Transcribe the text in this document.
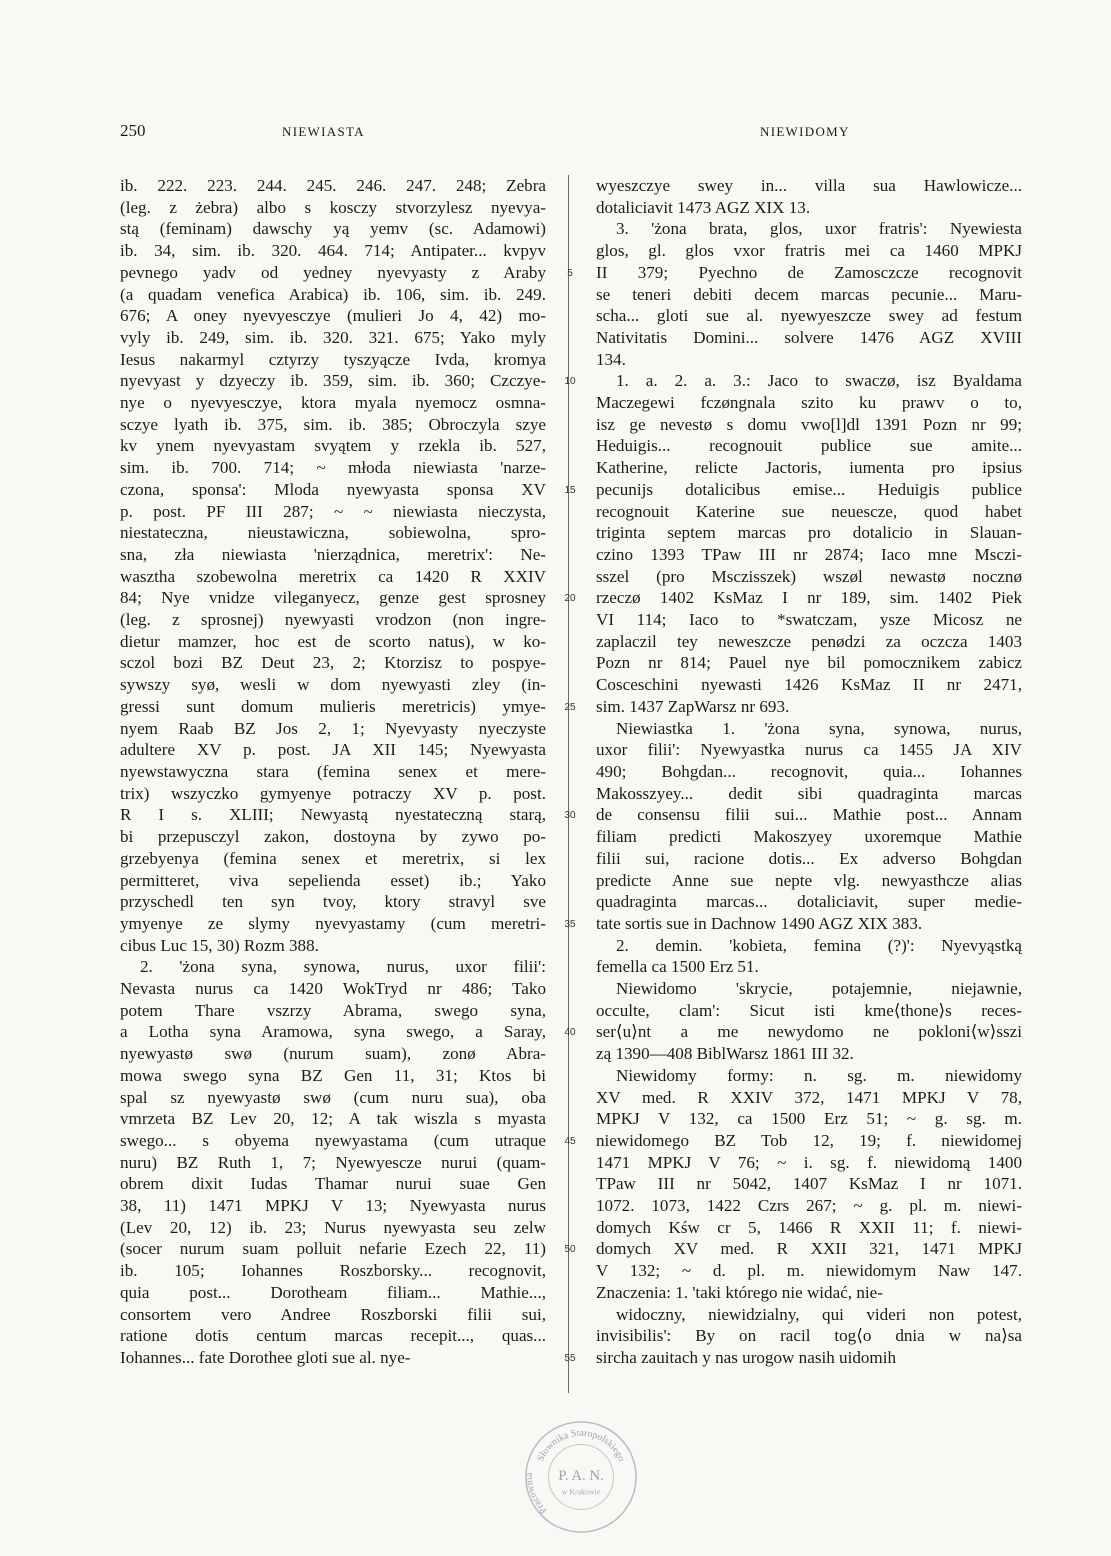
250	NIEWIASTA	NIEWIDOMY
ib. 222. 223. 244. 245. 246. 247. 248; Zebra
(leg. z żebra) albo s kosczy stvorzylesz nyevya-
stą (feminam) dawschy yą yemv (sc. Adamowi)
ib. 34, sim. ib. 320. 464. 714; Antipater... kvpyv
pevnego yadv od yedney nyevyasty z Araby
(a quadam venefica Arabica) ib. 106, sim. ib. 249.
676; A oney nyevyesczye (mulieri Jo 4, 42) mo-
vyly ib. 249, sim. ib. 320. 321. 675; Yako myly
Iesus nakarmyl cztyrzy tyszyącze Ivda, kromya
nyevyast y dzyeczy ib. 359, sim. ib. 360; Czczye-
nye o nyevyesczye, ktora myala nyemocz osmna-
sczye lyath ib. 375, sim. ib. 385; Obroczyla szye
kv ynem nyevyastam svyątem y rzekla ib. 527,
sim. ib. 700. 714; ~ młoda niewiasta 'narze-
czona, sponsa': Mloda nyewyasta sponsa XV
p. post. PF III 287; ~ ~ niewiasta nieczysta,
niestateczna, nieustawiczna, sobiewolna, spro-
sna, zła niewiasta 'nierządnica, meretrix': Ne-
wasztha szobewolna meretrix ca 1420 R XXIV
84; Nye vnidze vileganyecz, genze gest sprosney
(leg. z sprosnej) nyewyasti vrodzon (non ingre-
dietur mamzer, hoc est de scorto natus), w ko-
sczol bozi BZ Deut 23, 2; Ktorzisz to pospye-
sywszy syø, wesli w dom nyewyasti zley (in-
gressi sunt domum mulieris meretricis) ymye-
nyem Raab BZ Jos 2, 1; Nyevyasty nyeczyste
adultere XV p. post. JA XII 145; Nyewyasta
nyewstawyczna stara (femina senex et mere-
trix) wszyczko gymyenye potraczy XV p. post.
R I s. XLIII; Newyastą nyestateczną starą,
bi przepusczyl zakon, dostoyna by zywo po-
grzebyenya (femina senex et meretrix, si lex
permitteret, viva sepelienda esset) ib.; Yako
przyschedl ten syn tvoy, ktory stravyl sve
ymyenye ze slymy nyevyastamy (cum meretri-
cibus Luc 15, 30) Rozm 388.
2. 'żona syna, synowa, nurus, uxor filii':
Nevasta nurus ca 1420 WokTryd nr 486; Tako
potem Thare vszrzy Abrama, swego syna,
a Lotha syna Aramowa, syna swego, a Saray,
nyewyastø swø (nurum suam), zonø Abra-
mowa swego syna BZ Gen 11, 31; Ktos bi
spal sz nyewyastø swø (cum nuru sua), oba
vmrzeta BZ Lev 20, 12; A tak wiszla s myasta
swego... s obyema nyewyastama (cum utraque
nuru) BZ Ruth 1, 7; Nyewyescze nurui (quam-
obrem dixit Iudas Thamar nurui suae Gen
38, 11) 1471 MPKJ V 13; Nyewyasta nurus
(Lev 20, 12) ib. 23; Nurus nyewyasta seu zelw
(socer nurum suam polluit nefarie Ezech 22, 11)
ib. 105; Iohannes Roszborsky... recognovit,
quia post... Dorotheam filiam... Mathie...,
consortem vero Andree Roszborski filii sui,
ratione dotis centum marcas recepit..., quas...
Iohannes... fate Dorothee gloti sue al. nye-
wyeszczye swey in... villa sua Hawlowicze...
dotaliciavit 1473 AGZ XIX 13.
3. 'żona brata, glos, uxor fratris': Nyewiesta
glos, gl. glos vxor fratris mei ca 1460 MPKJ
II 379; Pyechno de Zamosczcze recognovit
se teneri debiti decem marcas pecunie... Maru-
scha... gloti sue al. nyewyeszcze swey ad festum
Nativitatis Domini... solvere 1476 AGZ XVIII
134.
1. a. 2. a. 3.: Jaco to swaczø, isz Byaldama
Maczegewi fczøngnala szito ku prawv o to,
isz ge nevestø s domu vwo[l]dl 1391 Pozn nr 99;
Heduigis... recognouit publice sue amite...
Katherine, relicte Jactoris, iumenta pro ipsius
pecunijs dotalicibus emise... Heduigis publice
recognouit Katerine sue neuescze, quod habet
triginta septem marcas pro dotalicio in Slauan-
czino 1393 TPaw III nr 2874; Iaco mne Msczi-
sszel (pro Msczisszek) wszøl newastø nocznø
rzeczø 1402 KsMaz I nr 189, sim. 1402 Piek
VI 114; Iaco to *swatczam, ysze Micosz ne
zaplaczil tey neweszcze penødzi za oczcza 1403
Pozn nr 814; Pauel nye bil pomocznikem zabicz
Cosceschini nyewasti 1426 KsMaz II nr 2471,
sim. 1437 ZapWarsz nr 693.
Niewiastka 1. 'żona syna, synowa, nurus,
uxor filii': Nyewyastka nurus ca 1455 JA XIV
490; Bohgdan... recognovit, quia... Iohannes
Makosszyey... dedit sibi quadraginta marcas
de consensu filii sui... Mathie post... Annam
filiam predicti Makoszyey uxoremque Mathie
filii sui, racione dotis... Ex adverso Bohgdan
predicte Anne sue nepte vlg. newyasthcze alias
quadraginta marcas... dotaliciavit, super medie-
tate sortis sue in Dachnow 1490 AGZ XIX 383.
2. demin. 'kobieta, femina (?)': Nyevyąstką
femella ca 1500 Erz 51.
Niewidomo 'skrycie, potajemnie, niejawnie,
occulte, clam': Sicut isti kme⟨thone⟩s reces-
ser⟨u⟩nt a me newydomo ne pokloni⟨w⟩sszi
zą 1390—408 BiblWarsz 1861 III 32.
Niewidomy formy: n. sg. m. niewidomy
XV med. R XXIV 372, 1471 MPKJ V 78,
MPKJ V 132, ca 1500 Erz 51; ~ g. sg. m.
niewidomego BZ Tob 12, 19; f. niewidomej
1471 MPKJ V 76; ~ i. sg. f. niewidomą 1400
TPaw III nr 5042, 1407 KsMaz I nr 1071.
1072. 1073, 1422 Czrs 267; ~ g. pl. m. niewi-
domych Kśw cr 5, 1466 R XXII 11; f. niewi-
domych XV med. R XXII 321, 1471 MPKJ
V 132; ~ d. pl. m. niewidomym Naw 147.
Znaczenia: 1. 'taki którego nie widać, nie-
widoczny, niewidzialny, qui videri non potest,
invisibilis': By on racil tog⟨o dnia w na⟩sa
sircha zauitach y nas urogow nasih uidomih
5
10
15
20
25
30
35
40
45
50
55
Słownika Staropolskiego
Pracownia	P. A. N.
w Krakowie
